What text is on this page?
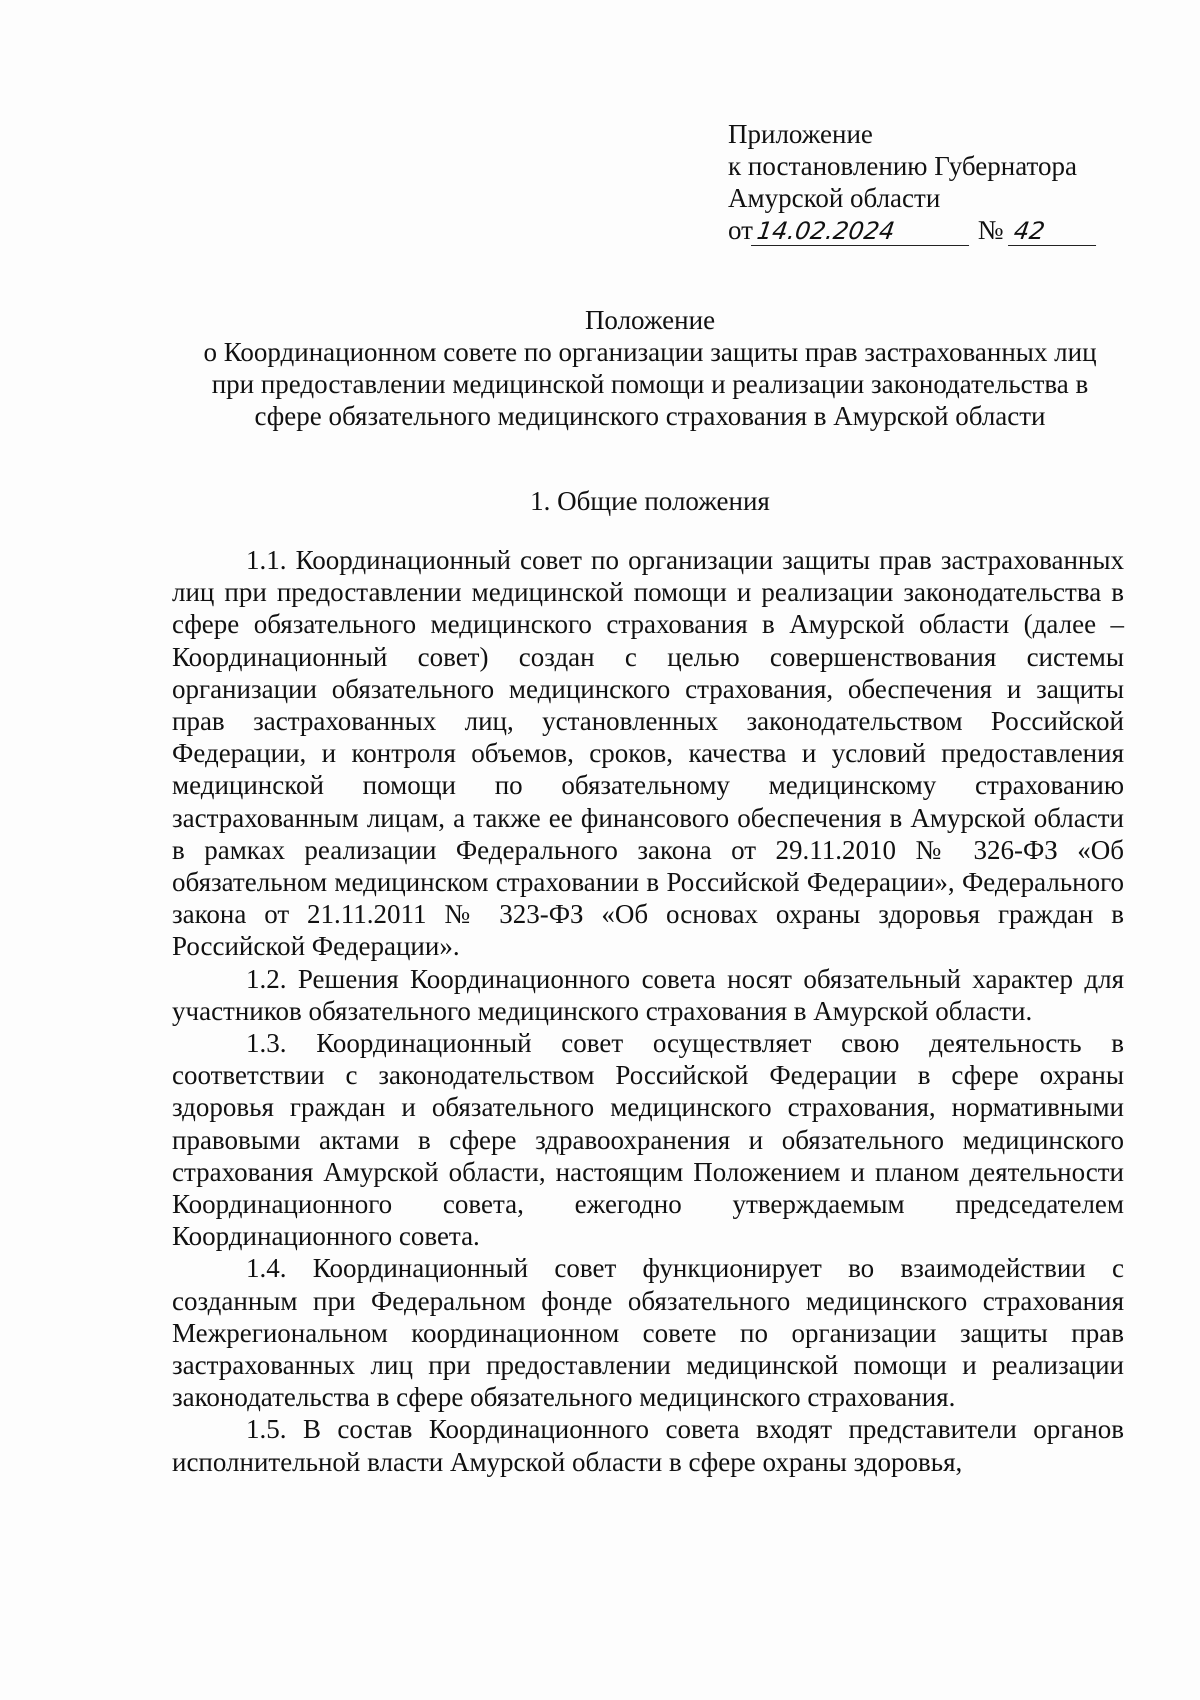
Приложение
к постановлению Губернатора
Амурской области
от14.02.2024	№ 42
Положение
о Координационном совете по организации защиты прав застрахованных лиц
при предоставлении медицинской помощи и реализации законодательства в
сфере обязательного медицинского страхования в Амурской области
1. Общие положения

1.1. Координационный совет по организации защиты прав застрахованных лиц при предоставлении медицинской помощи и реализации законодательства в сфере обязательного медицинского страхования в Амурской области (далее – Координационный совет) создан с целью совершенствования системы организации обязательного медицинского страхования, обеспечения и защиты прав застрахованных лиц, установленных законодательством Российской Федерации, и контроля объемов, сроков, качества и условий предоставления медицинской помощи по обязательному медицинскому страхованию застрахованным лицам, а также ее финансового обеспечения в Амурской области в рамках реализации Федерального закона от 29.11.2010 № 326-ФЗ «Об обязательном медицинском страховании в Российской Федерации», Федерального закона от 21.11.2011 № 323-ФЗ «Об основах охраны здоровья граждан в Российской Федерации».

1.2. Решения Координационного совета носят обязательный характер для участников обязательного медицинского страхования в Амурской области.

1.3. Координационный совет осуществляет свою деятельность в соответствии с законодательством Российской Федерации в сфере охраны здоровья граждан и обязательного медицинского страхования, нормативными правовыми актами в сфере здравоохранения и обязательного медицинского страхования Амурской области, настоящим Положением и планом деятельности Координационного совета, ежегодно утверждаемым председателем Координационного совета.

1.4. Координационный совет функционирует во взаимодействии с созданным при Федеральном фонде обязательного медицинского страхования Межрегиональном координационном совете по организации защиты прав застрахованных лиц при предоставлении медицинской помощи и реализации законодательства в сфере обязательного медицинского страхования.

1.5. В состав Координационного совета входят представители органов исполнительной власти Амурской области в сфере охраны здоровья,
